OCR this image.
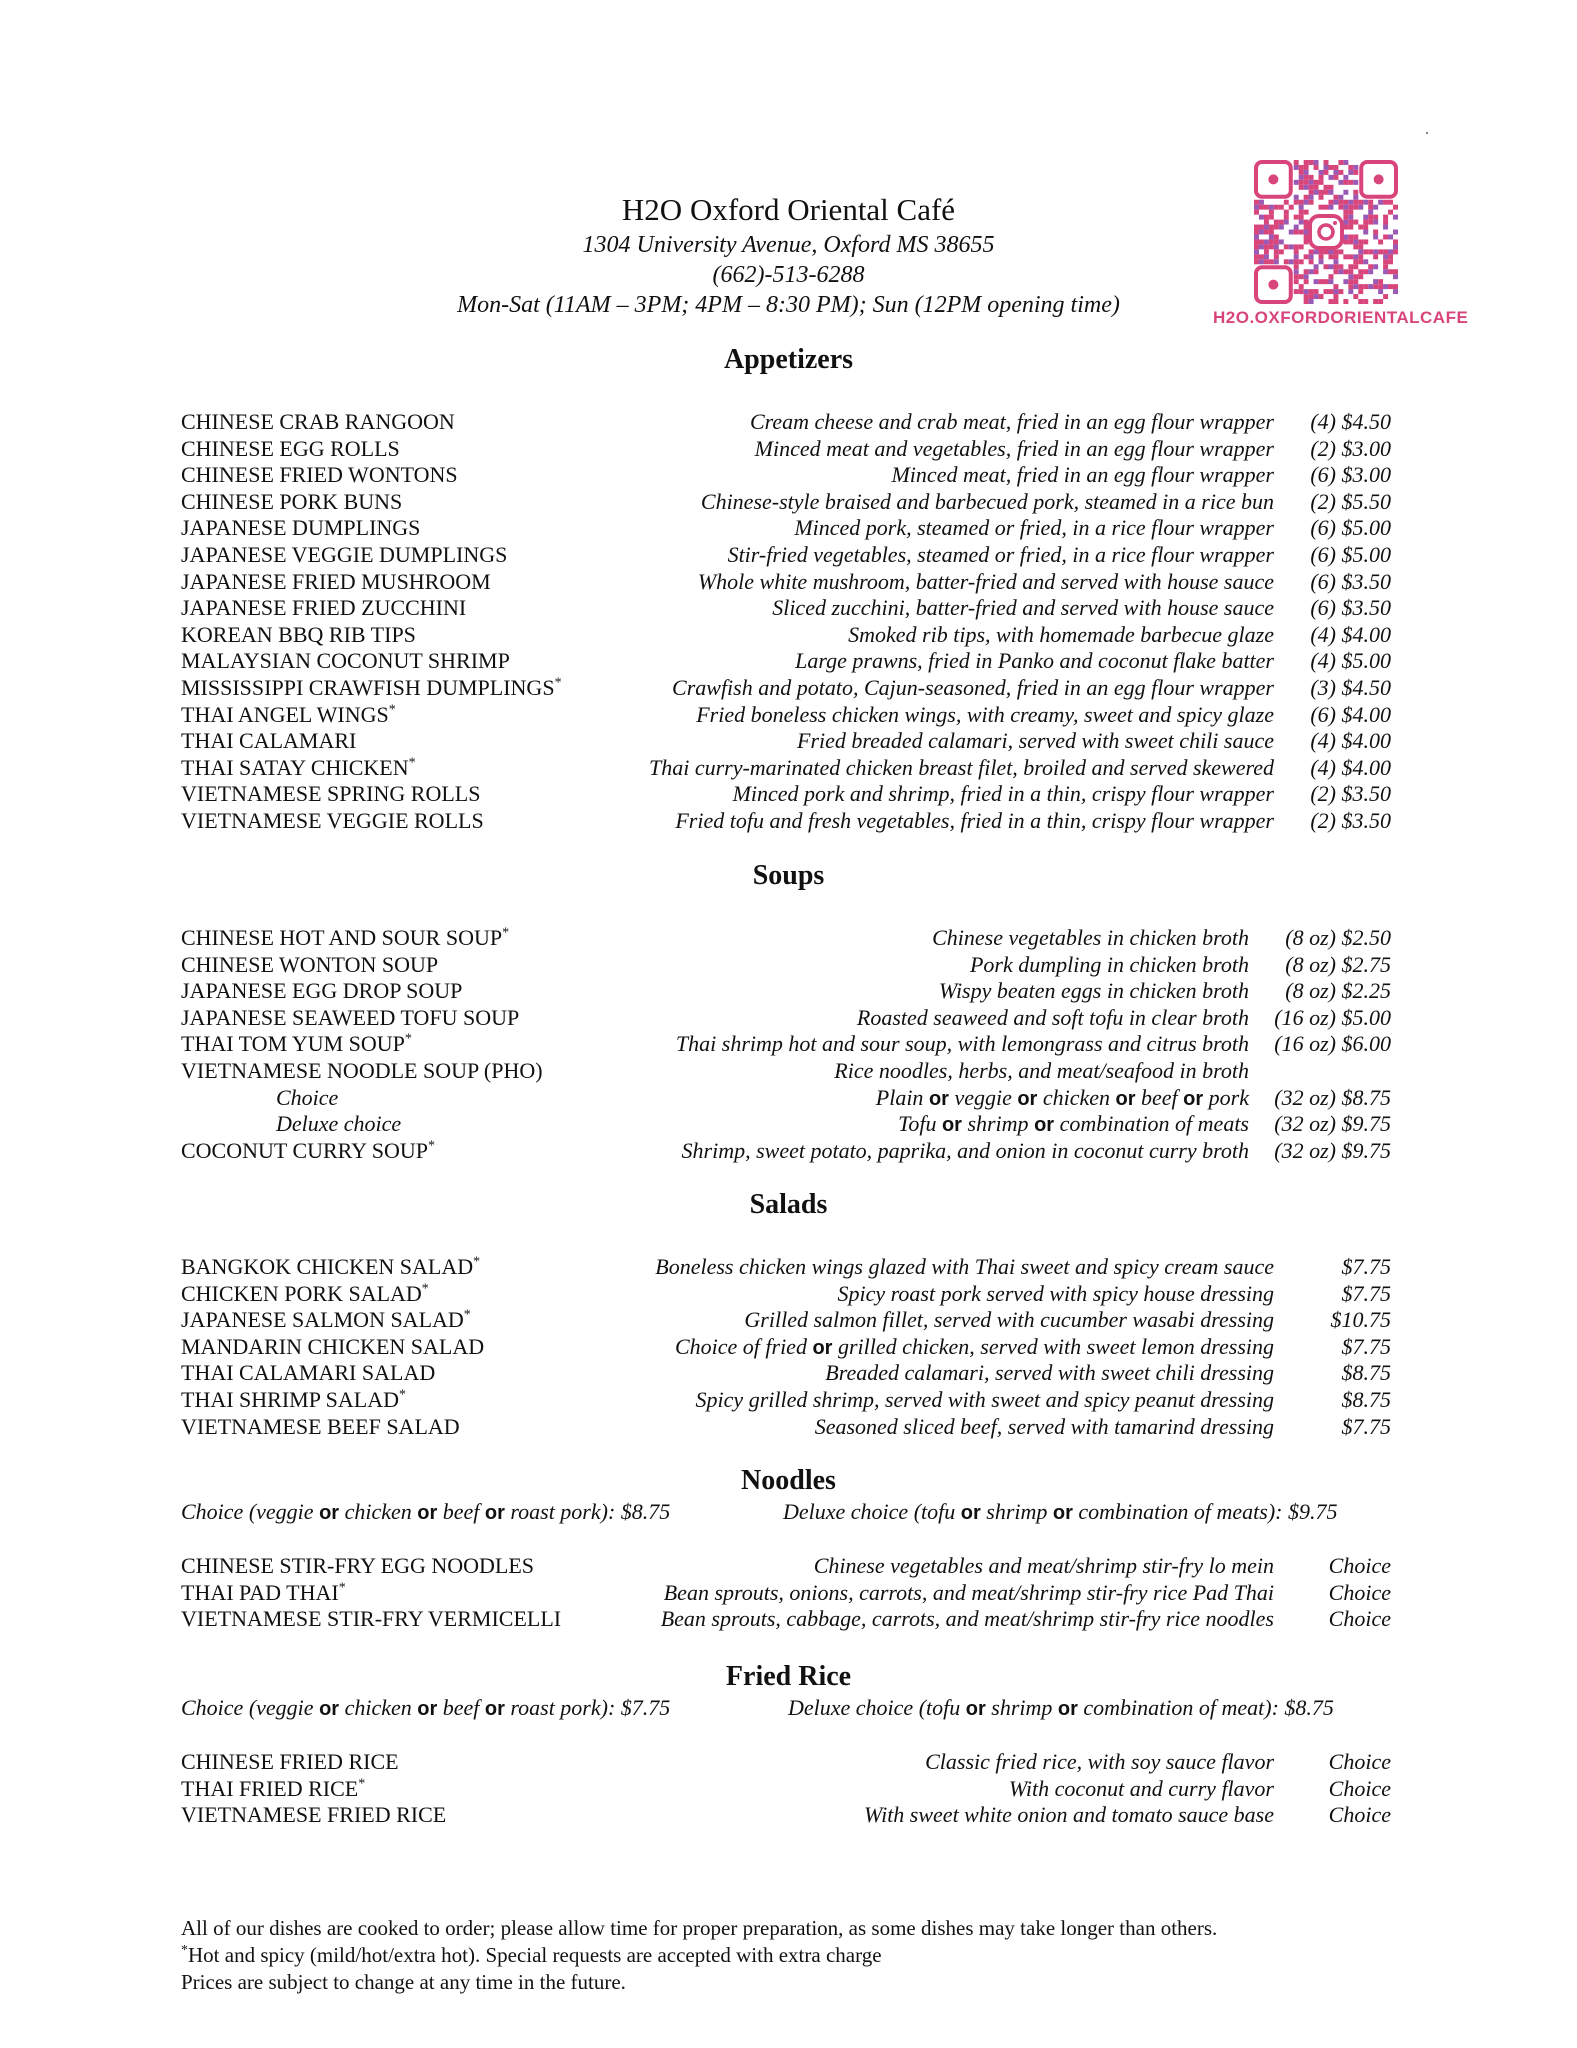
H2O Oxford Oriental Café
1304 University Avenue, Oxford MS 38655
(662)-513-6288
Mon-Sat (11AM – 3PM; 4PM – 8:30 PM); Sun (12PM opening time)	H2O.OXFORDORIENTALCAFE
Appetizers
CHINESE CRAB RANGOON	Cream cheese and crab meat, fried in an egg flour wrapper	(4) $4.50
CHINESE EGG ROLLS	Minced meat and vegetables, fried in an egg flour wrapper	(2) $3.00
CHINESE FRIED WONTONS	Minced meat, fried in an egg flour wrapper	(6) $3.00
CHINESE PORK BUNS	Chinese-style braised and barbecued pork, steamed in a rice bun	(2) $5.50
JAPANESE DUMPLINGS	Minced pork, steamed or fried, in a rice flour wrapper	(6) $5.00
JAPANESE VEGGIE DUMPLINGS	Stir-fried vegetables, steamed or fried, in a rice flour wrapper	(6) $5.00
JAPANESE FRIED MUSHROOM	Whole white mushroom, batter-fried and served with house sauce	(6) $3.50
JAPANESE FRIED ZUCCHINI	Sliced zucchini, batter-fried and served with house sauce	(6) $3.50
KOREAN BBQ RIB TIPS	Smoked rib tips, with homemade barbecue glaze	(4) $4.00
MALAYSIAN COCONUT SHRIMP	Large prawns, fried in Panko and coconut flake batter	(4) $5.00
MISSISSIPPI CRAWFISH DUMPLINGS*	Crawfish and potato, Cajun-seasoned, fried in an egg flour wrapper	(3) $4.50
THAI ANGEL WINGS*	Fried boneless chicken wings, with creamy, sweet and spicy glaze	(6) $4.00
THAI CALAMARI	Fried breaded calamari, served with sweet chili sauce	(4) $4.00
THAI SATAY CHICKEN*	Thai curry-marinated chicken breast filet, broiled and served skewered	(4) $4.00
VIETNAMESE SPRING ROLLS	Minced pork and shrimp, fried in a thin, crispy flour wrapper	(2) $3.50
VIETNAMESE VEGGIE ROLLS	Fried tofu and fresh vegetables, fried in a thin, crispy flour wrapper	(2) $3.50
Soups
CHINESE HOT AND SOUR SOUP*	Chinese vegetables in chicken broth	(8 oz) $2.50
CHINESE WONTON SOUP	Pork dumpling in chicken broth	(8 oz) $2.75
JAPANESE EGG DROP SOUP	Wispy beaten eggs in chicken broth	(8 oz) $2.25
JAPANESE SEAWEED TOFU SOUP	Roasted seaweed and soft tofu in clear broth	(16 oz) $5.00
THAI TOM YUM SOUP*	Thai shrimp hot and sour soup, with lemongrass and citrus broth	(16 oz) $6.00
VIETNAMESE NOODLE SOUP (PHO)	Rice noodles, herbs, and meat/seafood in broth
Choice	Plain or veggie or chicken or beef or pork	(32 oz) $8.75
Deluxe choice	Tofu or shrimp or combination of meats	(32 oz) $9.75
COCONUT CURRY SOUP*	Shrimp, sweet potato, paprika, and onion in coconut curry broth	(32 oz) $9.75
Salads
BANGKOK CHICKEN SALAD*	Boneless chicken wings glazed with Thai sweet and spicy cream sauce	$7.75
CHICKEN PORK SALAD*	Spicy roast pork served with spicy house dressing	$7.75
JAPANESE SALMON SALAD*	Grilled salmon fillet, served with cucumber wasabi dressing	$10.75
MANDARIN CHICKEN SALAD	Choice of fried or grilled chicken, served with sweet lemon dressing	$7.75
THAI CALAMARI SALAD	Breaded calamari, served with sweet chili dressing	$8.75
THAI SHRIMP SALAD*	Spicy grilled shrimp, served with sweet and spicy peanut dressing	$8.75
VIETNAMESE BEEF SALAD	Seasoned sliced beef, served with tamarind dressing	$7.75
Noodles
Choice (veggie or chicken or beef or roast pork): $8.75	Deluxe choice (tofu or shrimp or combination of meats): $9.75
CHINESE STIR-FRY EGG NOODLES	Chinese vegetables and meat/shrimp stir-fry lo mein	Choice
THAI PAD THAI*	Bean sprouts, onions, carrots, and meat/shrimp stir-fry rice Pad Thai	Choice
VIETNAMESE STIR-FRY VERMICELLI	Bean sprouts, cabbage, carrots, and meat/shrimp stir-fry rice noodles	Choice
Fried Rice
Choice (veggie or chicken or beef or roast pork): $7.75	Deluxe choice (tofu or shrimp or combination of meat): $8.75
CHINESE FRIED RICE	Classic fried rice, with soy sauce flavor	Choice
THAI FRIED RICE*	With coconut and curry flavor	Choice
VIETNAMESE FRIED RICE	With sweet white onion and tomato sauce base	Choice
All of our dishes are cooked to order; please allow time for proper preparation, as some dishes may take longer than others.
*Hot and spicy (mild/hot/extra hot). Special requests are accepted with extra charge
Prices are subject to change at any time in the future.
